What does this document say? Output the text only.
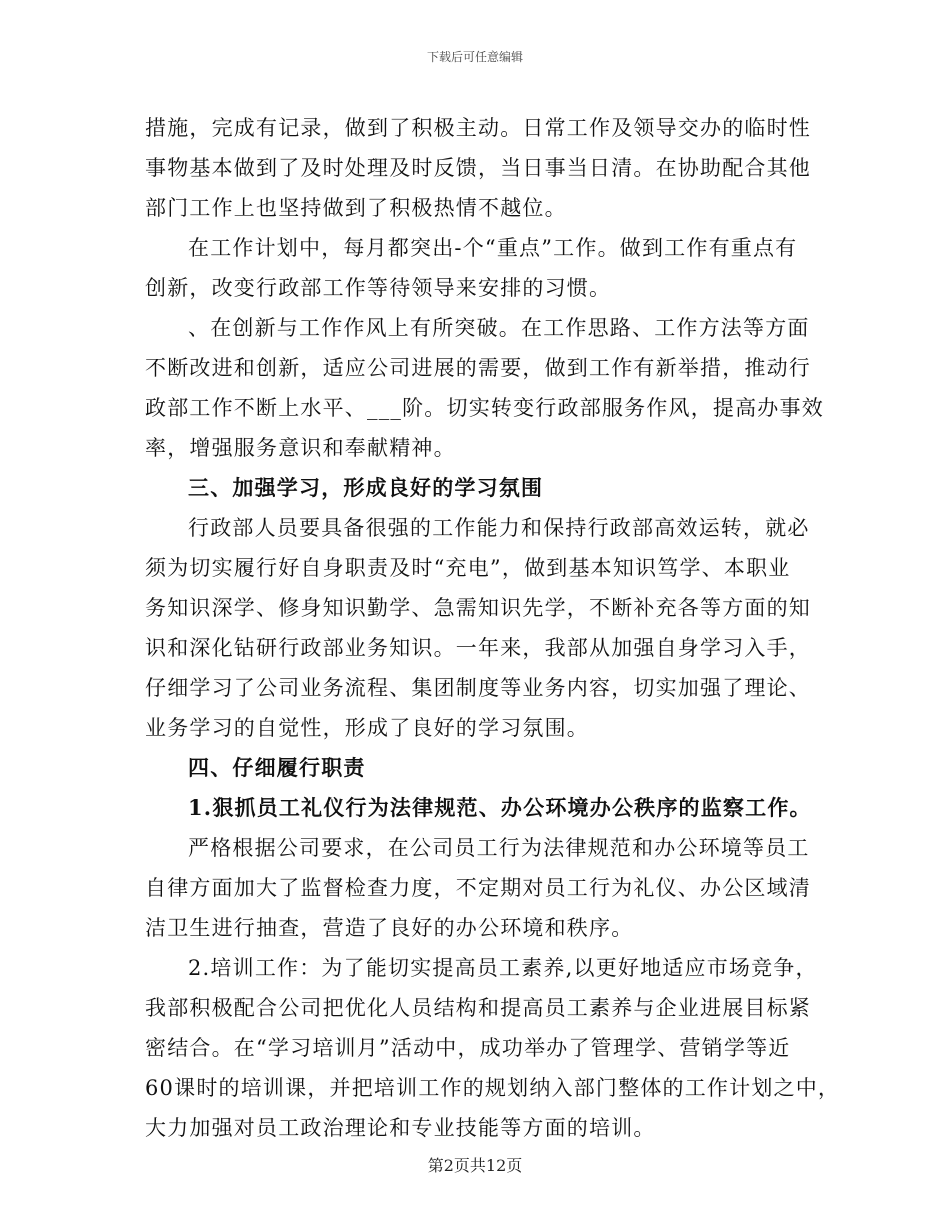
下载后可任意编辑

措施，完成有记录，做到了积极主动。日常工作及领导交办的临时性

事物基本做到了及时处理及时反馈，当日事当日清。在协助配合其他

部门工作上也坚持做到了积极热情不越位。

在工作计划中，每月都突出-个“重点”工作。做到工作有重点有

创新，改变行政部工作等待领导来安排的习惯。

、在创新与工作作风上有所突破。在工作思路、工作方法等方面

不断改进和创新，适应公司进展的需要，做到工作有新举措，推动行

政部工作不断上水平、___阶。切实转变行政部服务作风，提高办事效

率，增强服务意识和奉献精神。

三、加强学习，形成良好的学习氛围

行政部人员要具备很强的工作能力和保持行政部高效运转，就必

须为切实履行好自身职责及时“充电”，做到基本知识笃学、本职业

务知识深学、修身知识勤学、急需知识先学，不断补充各等方面的知

识和深化钻研行政部业务知识。一年来，我部从加强自身学习入手，

仔细学习了公司业务流程、集团制度等业务内容，切实加强了理论、

业务学习的自觉性，形成了良好的学习氛围。

四、仔细履行职责

1.狠抓员工礼仪行为法律规范、办公环境办公秩序的监察工作。

严格根据公司要求，在公司员工行为法律规范和办公环境等员工

自律方面加大了监督检查力度，不定期对员工行为礼仪、办公区域清

洁卫生进行抽查，营造了良好的办公环境和秩序。

2.培训工作：为了能切实提高员工素养,以更好地适应市场竞争，

我部积极配合公司把优化人员结构和提高员工素养与企业进展目标紧

密结合。在“学习培训月”活动中，成功举办了管理学、营销学等近

60课时的培训课，并把培训工作的规划纳入部门整体的工作计划之中，

大力加强对员工政治理论和专业技能等方面的培训。

第2页共12页
